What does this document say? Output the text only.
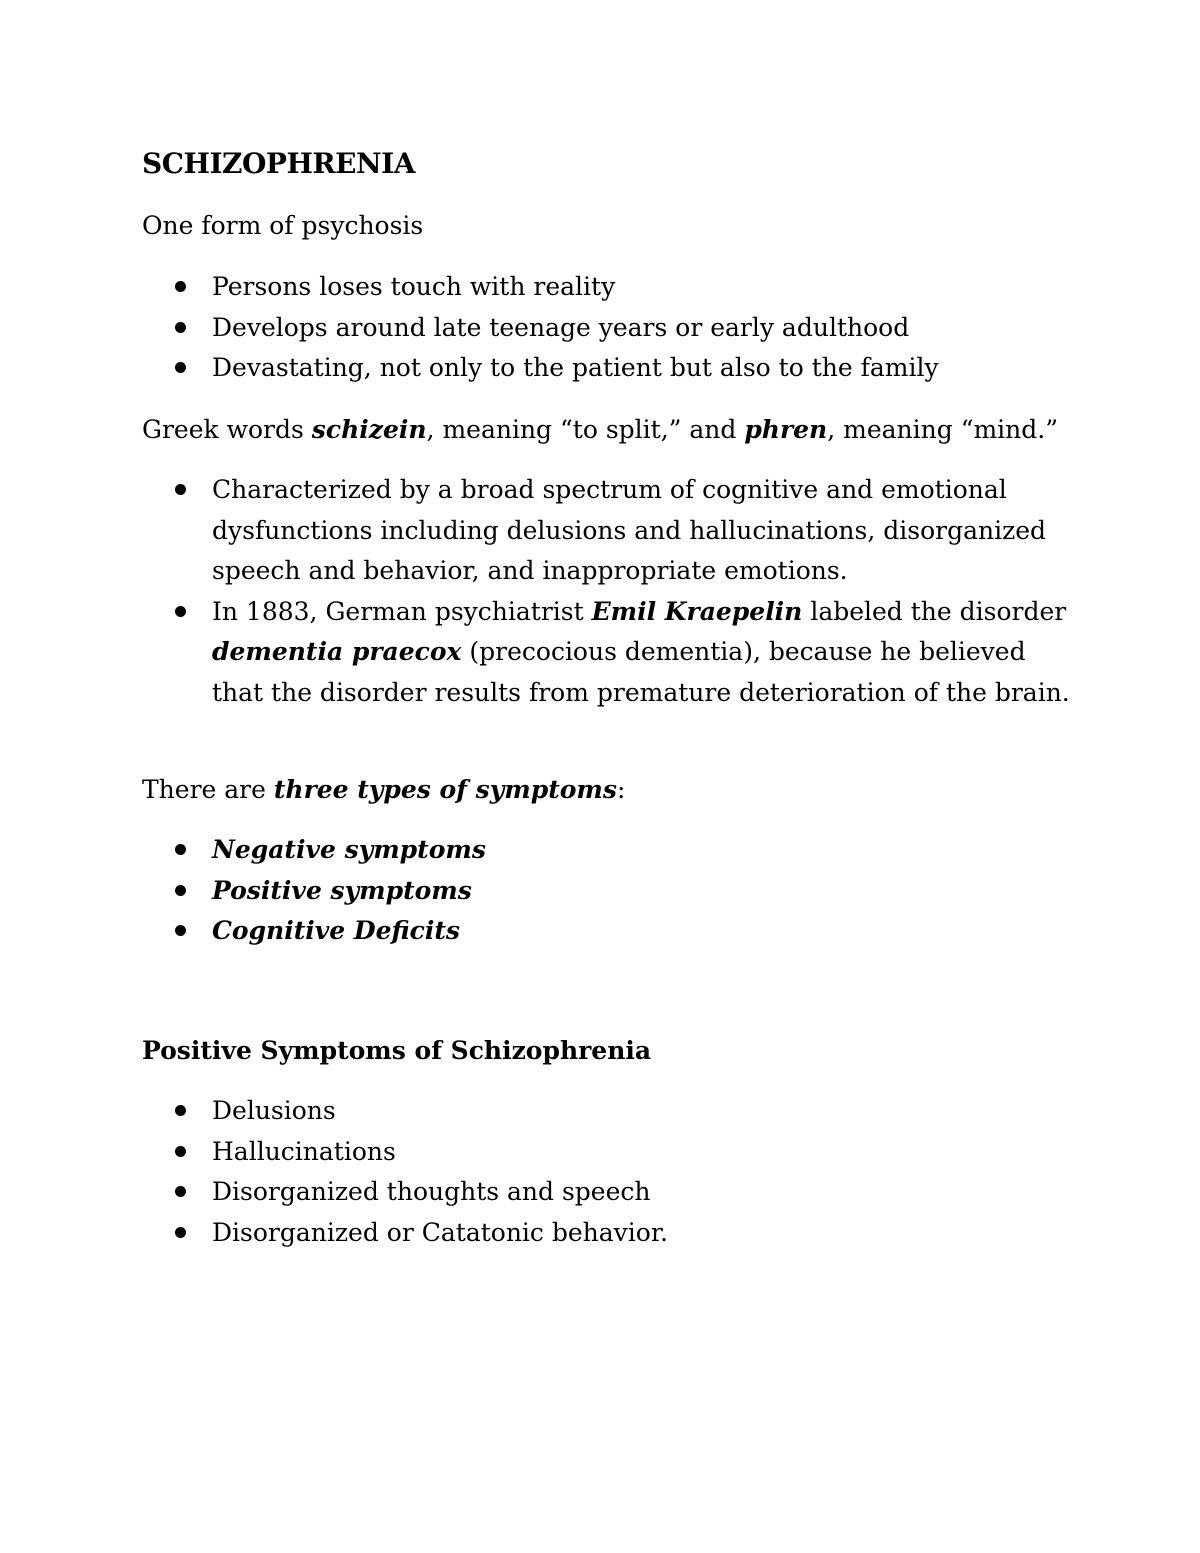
SCHIZOPHRENIA

One form of psychosis

Persons loses touch with reality
Develops around late teenage years or early adulthood
Devastating, not only to the patient but also to the family

Greek words schizein, meaning “to split,” and phren, meaning “mind.”

Characterized by a broad spectrum of cognitive and emotional
dysfunctions including delusions and hallucinations, disorganized
speech and behavior, and inappropriate emotions.
In 1883, German psychiatrist Emil Kraepelin labeled the disorder
dementia praecox (precocious dementia), because he believed
that the disorder results from premature deterioration of the brain.

There are three types of symptoms:

Negative symptoms
Positive symptoms
Cognitive Deficits

Positive Symptoms of Schizophrenia

Delusions
Hallucinations
Disorganized thoughts and speech
Disorganized or Catatonic behavior.
